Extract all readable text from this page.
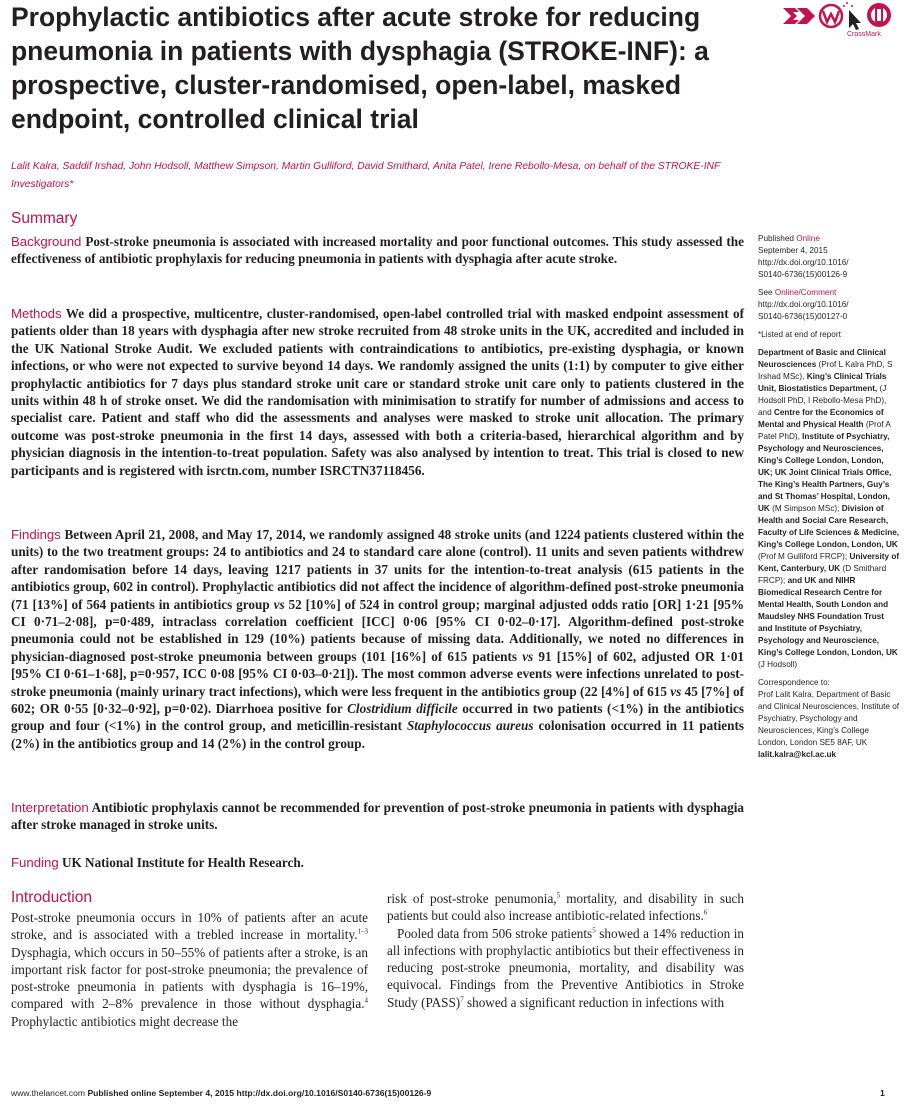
Prophylactic antibiotics after acute stroke for reducing pneumonia in patients with dysphagia (STROKE-INF): a prospective, cluster-randomised, open-label, masked endpoint, controlled clinical trial
CrossMark
Lalit Kalra, Saddif Irshad, John Hodsoll, Matthew Simpson, Martin Gulliford, David Smithard, Anita Patel, Irene Rebollo-Mesa, on behalf of the STROKE-INF Investigators*
Summary
Background Post-stroke pneumonia is associated with increased mortality and poor functional outcomes. This study assessed the effectiveness of antibiotic prophylaxis for reducing pneumonia in patients with dysphagia after acute stroke.
Methods We did a prospective, multicentre, cluster-randomised, open-label controlled trial with masked endpoint assessment of patients older than 18 years with dysphagia after new stroke recruited from 48 stroke units in the UK, accredited and included in the UK National Stroke Audit. We excluded patients with contraindications to antibiotics, pre-existing dysphagia, or known infections, or who were not expected to survive beyond 14 days. We randomly assigned the units (1:1) by computer to give either prophylactic antibiotics for 7 days plus standard stroke unit care or standard stroke unit care only to patients clustered in the units within 48 h of stroke onset. We did the randomisation with minimisation to stratify for number of admissions and access to specialist care. Patient and staff who did the assessments and analyses were masked to stroke unit allocation. The primary outcome was post-stroke pneumonia in the first 14 days, assessed with both a criteria-based, hierarchical algorithm and by physician diagnosis in the intention-to-treat population. Safety was also analysed by intention to treat. This trial is closed to new participants and is registered with isrctn.com, number ISRCTN37118456.
Findings Between April 21, 2008, and May 17, 2014, we randomly assigned 48 stroke units (and 1224 patients clustered within the units) to the two treatment groups: 24 to antibiotics and 24 to standard care alone (control). 11 units and seven patients withdrew after randomisation before 14 days, leaving 1217 patients in 37 units for the intention-to-treat analysis (615 patients in the antibiotics group, 602 in control). Prophylactic antibiotics did not affect the incidence of algorithm-defined post-stroke pneumonia (71 [13%] of 564 patients in antibiotics group vs 52 [10%] of 524 in control group; marginal adjusted odds ratio [OR] 1·21 [95% CI 0·71–2·08], p=0·489, intraclass correlation coefficient [ICC] 0·06 [95% CI 0·02–0·17]. Algorithm-defined post-stroke pneumonia could not be established in 129 (10%) patients because of missing data. Additionally, we noted no differences in physician-diagnosed post-stroke pneumonia between groups (101 [16%] of 615 patients vs 91 [15%] of 602, adjusted OR 1·01 [95% CI 0·61–1·68], p=0·957, ICC 0·08 [95% CI 0·03–0·21]). The most common adverse events were infections unrelated to post-stroke pneumonia (mainly urinary tract infections), which were less frequent in the antibiotics group (22 [4%] of 615 vs 45 [7%] of 602; OR 0·55 [0·32–0·92], p=0·02). Diarrhoea positive for Clostridium difficile occurred in two patients (<1%) in the antibiotics group and four (<1%) in the control group, and meticillin-resistant Staphylococcus aureus colonisation occurred in 11 patients (2%) in the antibiotics group and 14 (2%) in the control group.
Interpretation Antibiotic prophylaxis cannot be recommended for prevention of post-stroke pneumonia in patients with dysphagia after stroke managed in stroke units.
Funding UK National Institute for Health Research.
Introduction
Post-stroke pneumonia occurs in 10% of patients after an acute stroke, and is associated with a trebled increase in mortality.$^{1-3}$ Dysphagia, which occurs in 50–55% of patients after a stroke, is an important risk factor for post-stroke pneumonia; the prevalence of post-stroke pneumonia in patients with dysphagia is 16–19%, compared with 2–8% prevalence in those without dysphagia.$^4$ Prophylactic antibiotics might decrease the

risk of post-stroke penumonia,$^5$ mortality, and disability in such patients but could also increase antibiotic-related infections.$^6$

Pooled data from 506 stroke patients$^5$ showed a 14% reduction in all infections with prophylactic antibiotics but their effectiveness in reducing post-stroke pneumonia, mortality, and disability was equivocal. Findings from the Preventive Antibiotics in Stroke Study (PASS)$^7$ showed a significant reduction in infections with

Published Online
September 4, 2015
http://dx.doi.org/10.1016/
S0140-6736(15)00126-9
See Online/Comment
http://dx.doi.org/10.1016/
S0140-6736(15)00127-0
*Listed at end of report
Department of Basic and Clinical Neurosciences (Prof L Kalra PhD, S Irshad MSc), King’s Clinical Trials Unit, Biostatistics Department, (J Hodsoll PhD, I Rebollo-Mesa PhD), and Centre for the Economics of Mental and Physical Health (Prof A Patel PhD), Institute of Psychiatry, Psychology and Neurosciences, King’s College London, London, UK; UK Joint Clinical Trials Office, The King’s Health Partners, Guy’s and St Thomas’ Hospital, London, UK (M Simpson MSc); Division of Health and Social Care Research, Faculty of Life Sciences & Medicine, King’s College London, London, UK (Prof M Gulliford FRCP); University of Kent, Canterbury, UK (D Smithard FRCP); and UK and NIHR Biomedical Research Centre for Mental Health, South London and Maudsley NHS Foundation Trust and Institute of Psychiatry, Psychology and Neuroscience, King’s College London, London, UK (J Hodsoll)
Correspondence to:
Prof Lalit Kalra, Department of Basic and Clinical Neurosciences, Institute of Psychiatry, Psychology and Neurosciences, King’s College London, London SE5 8AF, UK
lalit.kalra@kcl.ac.uk
www.thelancet.com Published online September 4, 2015 http://dx.doi.org/10.1016/S0140-6736(15)00126-9	1
